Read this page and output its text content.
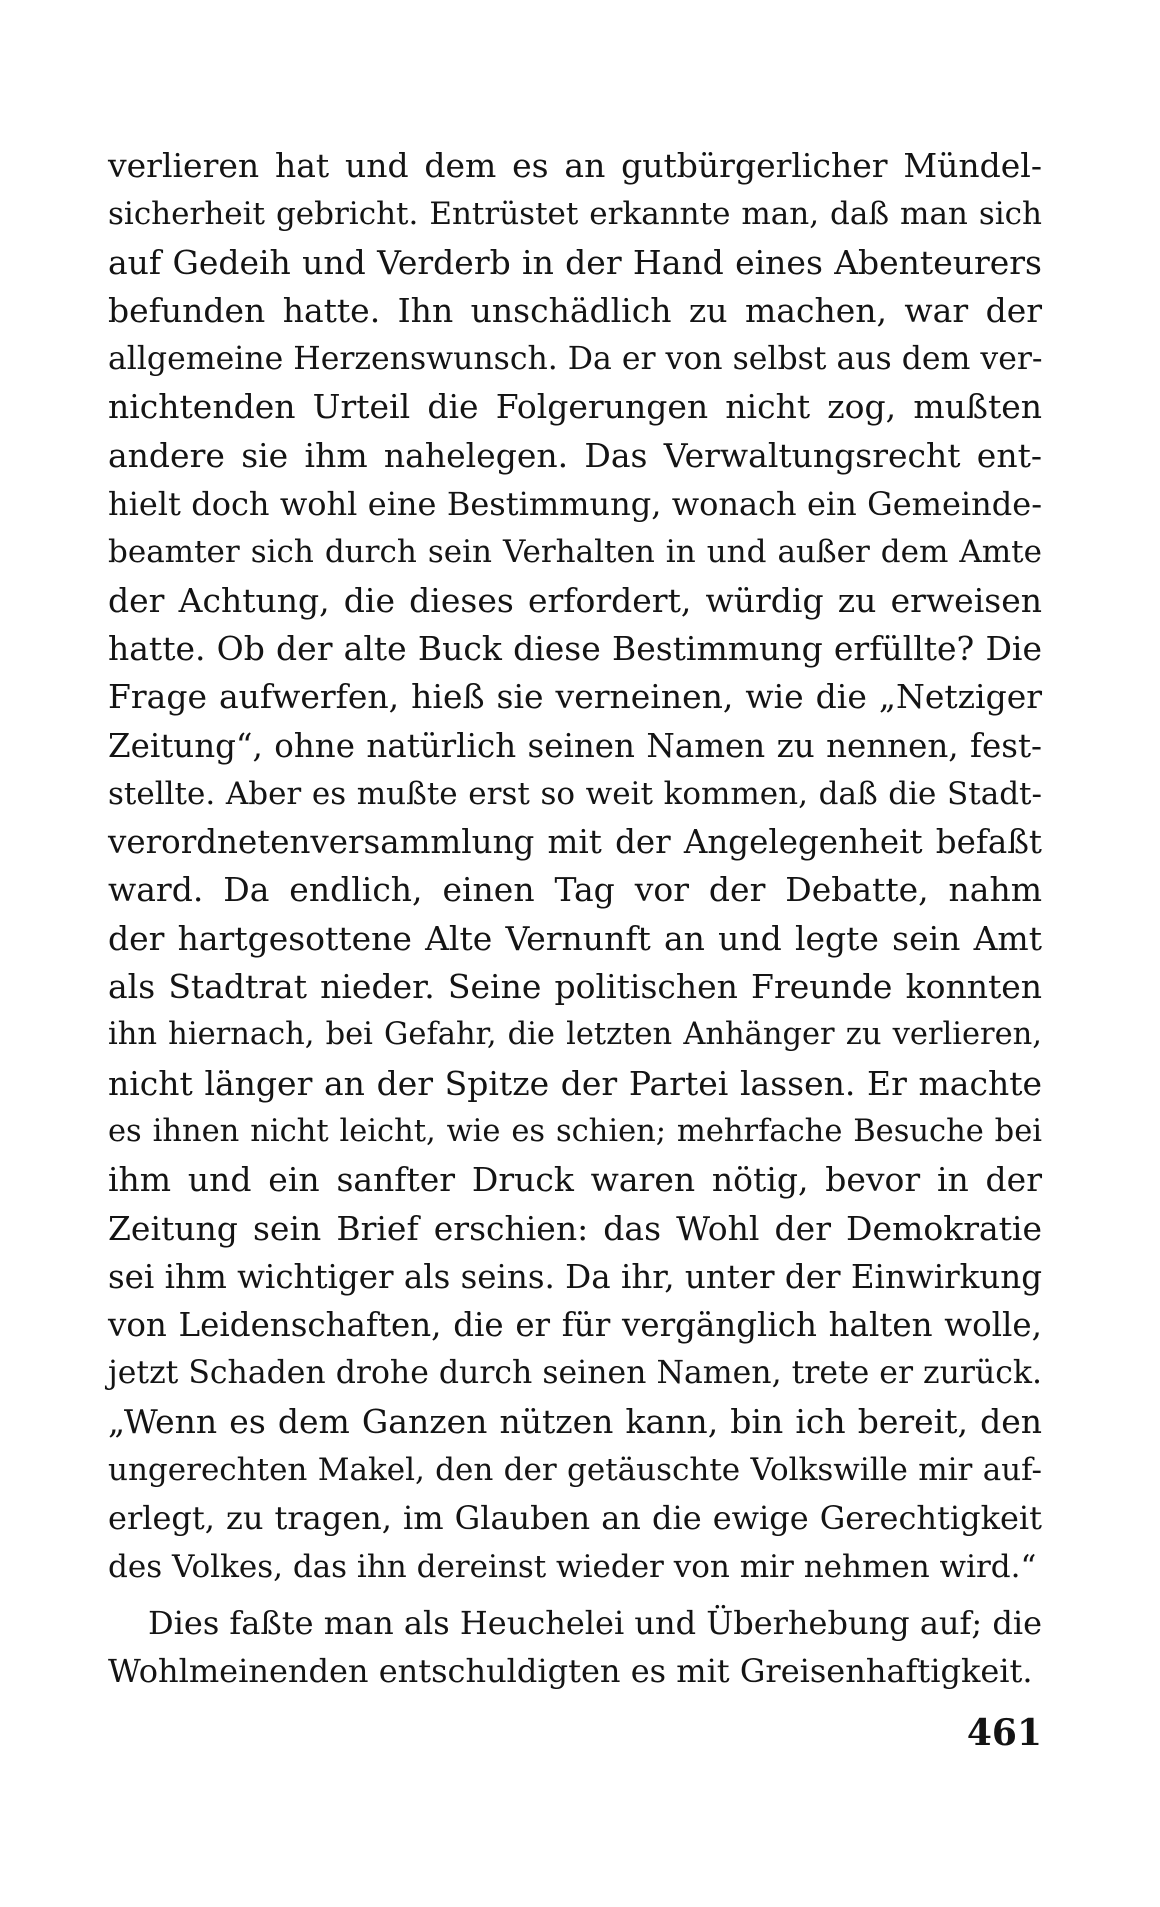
verlieren hat und dem es an gutbürgerlicher Mündel-
sicherheit gebricht. Entrüstet erkannte man, daß man sich
auf Gedeih und Verderb in der Hand eines Abenteurers
befunden hatte. Ihn unschädlich zu machen, war der
allgemeine Herzenswunsch. Da er von selbst aus dem ver-
nichtenden Urteil die Folgerungen nicht zog, mußten
andere sie ihm nahelegen. Das Verwaltungsrecht ent-
hielt doch wohl eine Bestimmung, wonach ein Gemeinde-
beamter sich durch sein Verhalten in und außer dem Amte
der Achtung, die dieses erfordert, würdig zu erweisen
hatte. Ob der alte Buck diese Bestimmung erfüllte? Die
Frage aufwerfen, hieß sie verneinen, wie die „Netziger
Zeitung“, ohne natürlich seinen Namen zu nennen, fest-
stellte. Aber es mußte erst so weit kommen, daß die Stadt-
verordnetenversammlung mit der Angelegenheit befaßt
ward. Da endlich, einen Tag vor der Debatte, nahm
der hartgesottene Alte Vernunft an und legte sein Amt
als Stadtrat nieder. Seine politischen Freunde konnten
ihn hiernach, bei Gefahr, die letzten Anhänger zu verlieren,
nicht länger an der Spitze der Partei lassen. Er machte
es ihnen nicht leicht, wie es schien; mehrfache Besuche bei
ihm und ein sanfter Druck waren nötig, bevor in der
Zeitung sein Brief erschien: das Wohl der Demokratie
sei ihm wichtiger als seins. Da ihr, unter der Einwirkung
von Leidenschaften, die er für vergänglich halten wolle,
jetzt Schaden drohe durch seinen Namen, trete er zurück.
„Wenn es dem Ganzen nützen kann, bin ich bereit, den
ungerechten Makel, den der getäuschte Volkswille mir auf-
erlegt, zu tragen, im Glauben an die ewige Gerechtigkeit
des Volkes, das ihn dereinst wieder von mir nehmen wird.“
Dies faßte man als Heuchelei und Überhebung auf; die
Wohlmeinenden entschuldigten es mit Greisenhaftigkeit.
461
